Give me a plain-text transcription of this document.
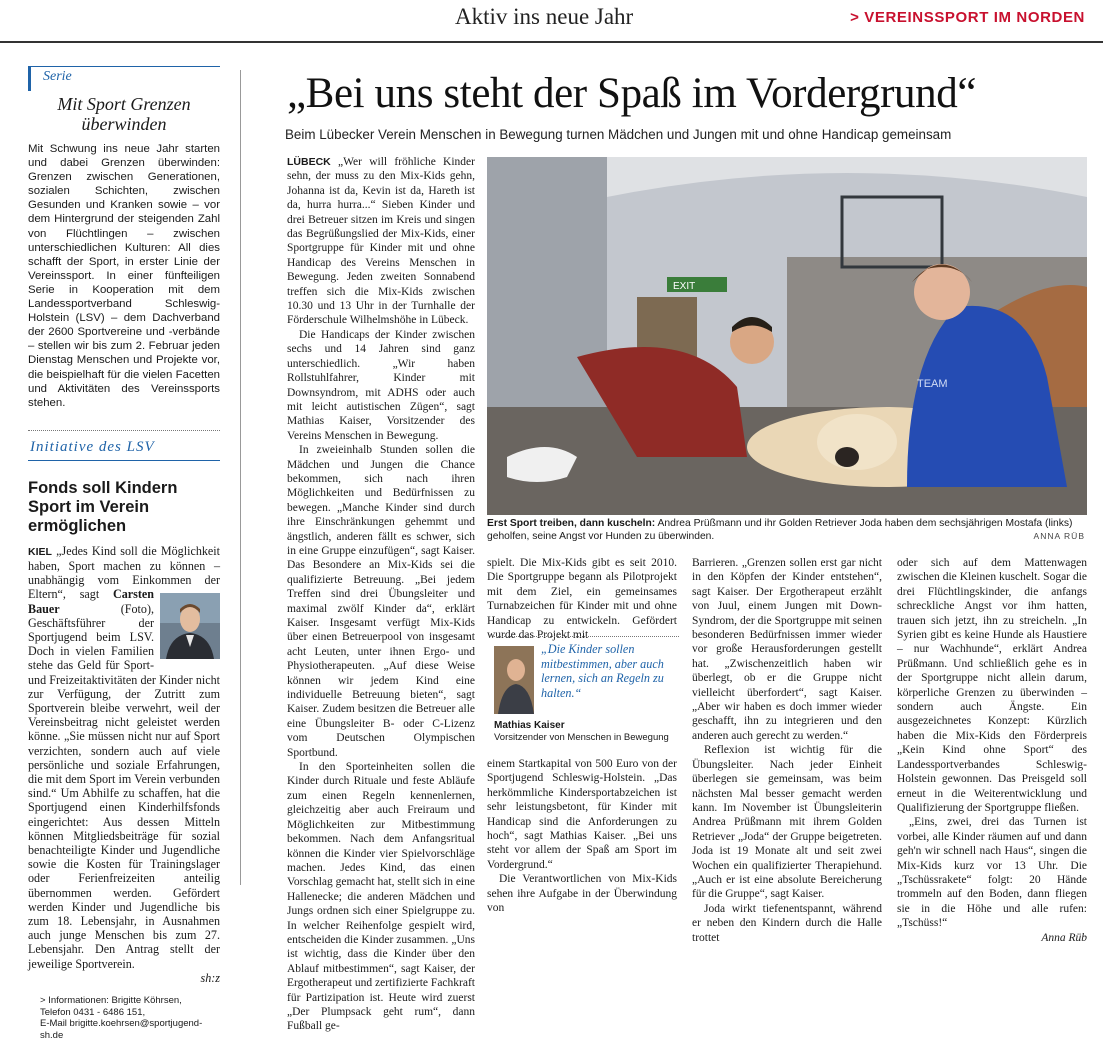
Aktiv ins neue Jahr	> VEREINSSPORT IM NORDEN
Serie
Mit Sport Grenzen überwinden

Mit Schwung ins neue Jahr starten und dabei Grenzen überwinden: Grenzen zwischen Generationen, sozialen Schichten, zwischen Gesunden und Kranken sowie – vor dem Hintergrund der steigenden Zahl von Flüchtlingen – zwischen unterschiedlichen Kulturen: All dies schafft der Sport, in erster Linie der Vereinssport. In einer fünfteiligen Serie in Kooperation mit dem Landessportverband Schleswig-Holstein (LSV) – dem Dachverband der 2600 Sportvereine und -verbände – stellen wir bis zum 2. Februar jeden Dienstag Menschen und Projekte vor, die beispielhaft für die vielen Facetten und Aktivitäten des Vereinssports stehen.

Initiative des LSV
Fonds soll Kindern Sport im Verein ermöglichen
KIEL „Jedes Kind soll die Möglichkeit haben, Sport machen zu können – unabhängig vom Einkommen der Eltern“, sagt Carsten Bauer	(Foto), Geschäftsführer der Sportjugend beim LSV. Doch in vielen Familien stehe das Geld für Sport- und Freizeitaktivitäten der Kinder nicht zur Verfügung, der Zutritt zum Sportverein bleibe verwehrt, weil der Vereinsbeitrag nicht geleistet werden könne. „Sie müssen nicht nur auf Sport verzichten, sondern auch auf viele persönliche und soziale Erfahrungen, die mit dem Sport im Verein verbunden sind.“ Um Abhilfe zu schaffen, hat die Sportjugend einen Kinderhilfsfonds eingerichtet: Aus dessen Mitteln können Mitgliedsbeiträge für sozial benachteiligte Kinder und Jugendliche sowie die Kosten für Trainingslager oder Ferienfreizeiten anteilig übernommen werden. Gefördert werden Kinder und Jugendliche bis zum 18. Lebensjahr, in Ausnahmen auch junge Menschen bis zum 27. Lebensjahr. Den Antrag stellt der jeweilige Sportverein.
sh:z
> Informationen: Brigitte Köhrsen,
Telefon 0431 - 6486 151,
E-Mail brigitte.koehrsen@sportjugend-sh.de
„Bei uns steht der Spaß im Vordergrund“
Beim Lübecker Verein Menschen in Bewegung turnen Mädchen und Jungen mit und ohne Handicap gemeinsam

LÜBECK „Wer will fröhliche Kinder sehn, der muss zu den Mix-Kids gehn, Johanna ist da, Kevin ist da, Hareth ist da, hurra hurra...“ Sieben Kinder und drei Betreuer sitzen im Kreis und singen das Begrüßungslied der Mix-Kids, einer Sportgruppe für Kinder mit und ohne Handicap des Vereins Menschen in Bewegung. Jeden zweiten Sonnabend treffen sich die Mix-Kids zwischen 10.30 und 13 Uhr in der Turnhalle der Förderschule Wilhelmshöhe in Lübeck.

Die Handicaps der Kinder zwischen sechs und 14 Jahren sind ganz unterschiedlich. „Wir haben Rollstuhlfahrer, Kinder mit Downsyndrom, mit ADHS oder auch mit leicht autistischen Zügen“, sagt Mathias Kaiser, Vorsitzender des Vereins Menschen in Bewegung.

In zweieinhalb Stunden sollen die Mädchen und Jungen die Chance bekommen, sich nach ihren Möglichkeiten und Bedürfnissen zu bewegen. „Manche Kinder sind durch ihre Einschränkungen gehemmt und ängstlich, anderen fällt es schwer, sich in eine Gruppe einzufügen“, sagt Kaiser. Das Besondere an Mix-Kids sei die qualifizierte Betreuung. „Bei jedem Treffen sind drei Übungsleiter und maximal zwölf Kinder da“, erklärt Kaiser. Insgesamt verfügt Mix-Kids über einen Betreuerpool von insgesamt acht Leuten, unter ihnen Ergo- und Physiotherapeuten. „Auf diese Weise können wir jedem Kind eine individuelle Betreuung bieten“, sagt Kaiser. Zudem besitzen die Betreuer alle eine Übungsleiter B- oder C-Lizenz vom Deutschen Olympischen Sportbund.

In den Sporteinheiten sollen die Kinder durch Rituale und feste Abläufe zum einen Regeln kennenlernen, gleichzeitig aber auch Freiraum und Möglichkeiten zur Mitbestimmung bekommen. Nach dem Anfangsritual können die Kinder vier Spielvorschläge machen. Jedes Kind, das einen Vorschlag gemacht hat, stellt sich in eine Hallenecke; die anderen Mädchen und Jungs ordnen sich einer Spielgruppe zu. In welcher Reihenfolge gespielt wird, entscheiden die Kinder zusammen. „Uns ist wichtig, dass die Kinder über den Ablauf mitbestimmen“, sagt Kaiser, der Ergotherapeut und zertifizierte Fachkraft für Partizipation ist. Heute wird zuerst „Der Plumpsack geht rum“, dann Fußball ge-

EXIT
TEAM
Erst Sport treiben, dann kuscheln: Andrea Prüßmann und ihr Golden Retriever Joda haben dem sechsjährigen Mostafa (links) geholfen, seine Angst vor Hunden zu überwinden.	ANNA RÜB

spielt. Die Mix-Kids gibt es seit 2010. Die Sportgruppe begann als Pilotprojekt mit dem Ziel, ein gemeinsames Turnabzeichen für Kinder mit und ohne Handicap zu entwickeln. Gefördert wurde das Projekt mit

„Die Kinder sollen mitbestimmen, aber auch lernen, sich an Regeln zu halten.“
Mathias Kaiser
Vorsitzender von Menschen in Bewegung

einem Startkapital von 500 Euro von der Sportjugend Schleswig-Holstein. „Das herkömmliche Kindersportabzeichen ist sehr leistungsbetont, für Kinder mit Handicap sind die Anforderungen zu hoch“, sagt Mathias Kaiser. „Bei uns steht vor allem der Spaß am Sport im Vordergrund.“

Die Verantwortlichen von Mix-Kids sehen ihre Aufgabe in der Überwindung von

Barrieren. „Grenzen sollen erst gar nicht in den Köpfen der Kinder entstehen“, sagt Kaiser. Der Ergotherapeut erzählt von Juul, einem Jungen mit Down-Syndrom, der die Sportgruppe mit seinen besonderen Bedürfnissen immer wieder vor große Herausforderungen gestellt hat. „Zwischenzeitlich haben wir überlegt, ob er die Gruppe nicht vielleicht überfordert“, sagt Kaiser. „Aber wir haben es doch immer wieder geschafft, ihn zu integrieren und den anderen auch gerecht zu werden.“

Reflexion ist wichtig für die Übungsleiter. Nach jeder Einheit überlegen sie gemeinsam, was beim nächsten Mal besser gemacht werden kann. Im November ist Übungsleiterin Andrea Prüßmann mit ihrem Golden Retriever „Joda“ der Gruppe beigetreten. Joda ist 19 Monate alt und seit zwei Wochen ein qualifizierter Therapiehund. „Auch er ist eine absolute Bereicherung für die Gruppe“, sagt Kaiser.

Joda wirkt tiefenentspannt, während er neben den Kindern durch die Halle trottet

oder sich auf dem Mattenwagen zwischen die Kleinen kuschelt. Sogar die drei Flüchtlingskinder, die anfangs schreckliche Angst vor ihm hatten, trauen sich jetzt, ihn zu streicheln. „In Syrien gibt es keine Hunde als Haustiere – nur Wachhunde“, erklärt Andrea Prüßmann. Und schließlich gehe es in der Sportgruppe nicht allein darum, körperliche Grenzen zu überwinden – sondern auch Ängste. Ein ausgezeichnetes Konzept: Kürzlich haben die Mix-Kids den Förderpreis „Kein Kind ohne Sport“ des Landessportverbandes Schleswig-Holstein gewonnen. Das Preisgeld soll erneut in die Weiterentwicklung und Qualifizierung der Sportgruppe fließen.

„Eins, zwei, drei das Turnen ist vorbei, alle Kinder räumen auf und dann geh'n wir schnell nach Haus“, singen die Mix-Kids kurz vor 13 Uhr. Die „Tschüssrakete“ folgt: 20 Hände trommeln auf den Boden, dann fliegen sie in die Höhe und alle rufen: „Tschüss!“

Anna Rüb
